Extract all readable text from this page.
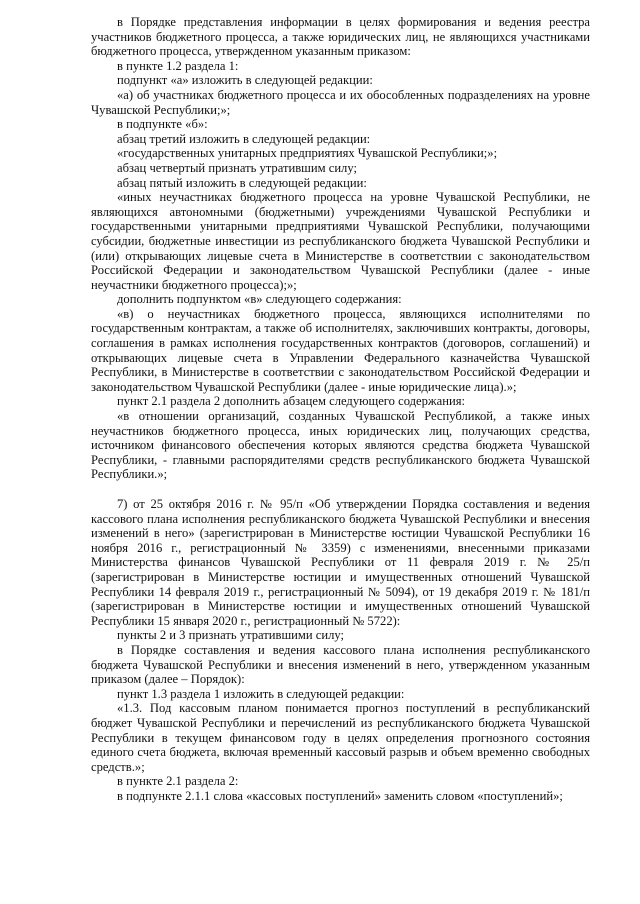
в Порядке представления информации в целях формирования и ведения реестра участников бюджетного процесса, а также юридических лиц, не являющихся участниками бюджетного процесса, утвержденном указанным приказом:

в пункте 1.2 раздела 1:

подпункт «а» изложить в следующей редакции:

«а) об участниках бюджетного процесса и их обособленных подразделениях на уровне Чувашской Республики;»;

в подпункте «б»:

абзац третий изложить в следующей редакции:

«государственных унитарных предприятиях Чувашской Республики;»;

абзац четвертый признать утратившим силу;

абзац пятый изложить в следующей редакции:

«иных неучастниках бюджетного процесса на уровне Чувашской Республики, не являющихся автономными (бюджетными) учреждениями Чувашской Республики и государственными унитарными предприятиями Чувашской Республики, получающими субсидии, бюджетные инвестиции из республиканского бюджета Чувашской Республики и (или) открывающих лицевые счета в Министерстве в соответствии с законодательством Российской Федерации и законодательством Чувашской Республики (далее - иные неучастники бюджетного процесса);»;

дополнить подпунктом «в» следующего содержания:

«в) о неучастниках бюджетного процесса, являющихся исполнителями по государственным контрактам, а также об исполнителях, заключивших контракты, договоры, соглашения в рамках исполнения государственных контрактов (договоров, соглашений) и открывающих лицевые счета в Управлении Федерального казначейства Чувашской Республики, в Министерстве в соответствии с законодательством Российской Федерации и законодательством Чувашской Республики (далее - иные юридические лица).»;

пункт 2.1 раздела 2 дополнить абзацем следующего содержания:

«в отношении организаций, созданных Чувашской Республикой, а также иных неучастников бюджетного процесса, иных юридических лиц, получающих средства, источником финансового обеспечения которых являются средства бюджета Чувашской Республики, - главными распорядителями средств республиканского бюджета Чувашской Республики.»;

7) от 25 октября 2016 г. № 95/п «Об утверждении Порядка составления и ведения кассового плана исполнения республиканского бюджета Чувашской Республики и внесения изменений в него» (зарегистрирован в Министерстве юстиции Чувашской Республики 16 ноября 2016 г., регистрационный № 3359) с изменениями, внесенными приказами Министерства финансов Чувашской Республики от 11 февраля 2019 г. № 25/п (зарегистрирован в Министерстве юстиции и имущественных отношений Чувашской Республики 14 февраля 2019 г., регистрационный № 5094), от 19 декабря 2019 г. № 181/п (зарегистрирован в Министерстве юстиции и имущественных отношений Чувашской Республики 15 января 2020 г., регистрационный № 5722):

пункты 2 и 3 признать утратившими силу;

в Порядке составления и ведения кассового плана исполнения республиканского бюджета Чувашской Республики и внесения изменений в него, утвержденном указанным приказом (далее – Порядок):

пункт 1.3 раздела 1 изложить в следующей редакции:

«1.3. Под кассовым планом понимается прогноз поступлений в республиканский бюджет Чувашской Республики и перечислений из республиканского бюджета Чувашской Республики в текущем финансовом году в целях определения прогнозного состояния единого счета бюджета, включая временный кассовый разрыв и объем временно свободных средств.»;

в пункте 2.1 раздела 2:

в подпункте 2.1.1 слова «кассовых поступлений» заменить словом «поступлений»;
